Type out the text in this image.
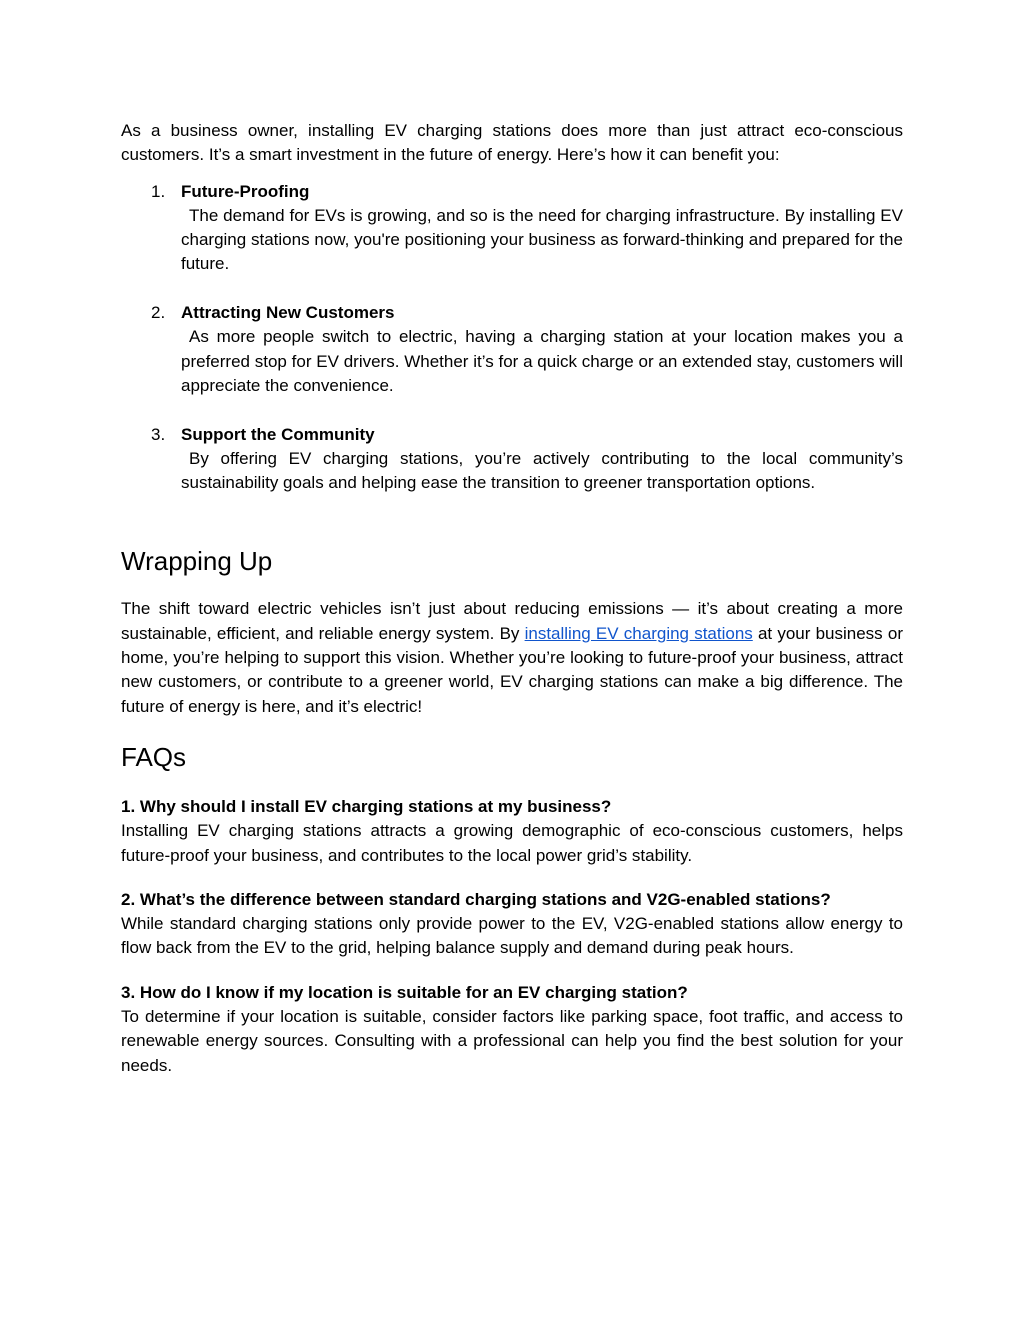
As a business owner, installing EV charging stations does more than just attract eco-conscious customers. It’s a smart investment in the future of energy. Here’s how it can benefit you:

1. Future-Proofing
The demand for EVs is growing, and so is the need for charging infrastructure. By installing EV charging stations now, you're positioning your business as forward-thinking and prepared for the future.
2. Attracting New Customers
As more people switch to electric, having a charging station at your location makes you a preferred stop for EV drivers. Whether it’s for a quick charge or an extended stay, customers will appreciate the convenience.
3. Support the Community
By offering EV charging stations, you’re actively contributing to the local community’s sustainability goals and helping ease the transition to greener transportation options.
Wrapping Up

The shift toward electric vehicles isn’t just about reducing emissions — it’s about creating a more sustainable, efficient, and reliable energy system. By installing EV charging stations at your business or home, you’re helping to support this vision. Whether you’re looking to future-proof your business, attract new customers, or contribute to a greener world, EV charging stations can make a big difference. The future of energy is here, and it’s electric!

FAQs

1. Why should I install EV charging stations at my business?

Installing EV charging stations attracts a growing demographic of eco-conscious customers, helps future-proof your business, and contributes to the local power grid’s stability.

2. What’s the difference between standard charging stations and V2G-enabled stations?

While standard charging stations only provide power to the EV, V2G-enabled stations allow energy to flow back from the EV to the grid, helping balance supply and demand during peak hours.

3. How do I know if my location is suitable for an EV charging station?

To determine if your location is suitable, consider factors like parking space, foot traffic, and access to renewable energy sources. Consulting with a professional can help you find the best solution for your needs.
